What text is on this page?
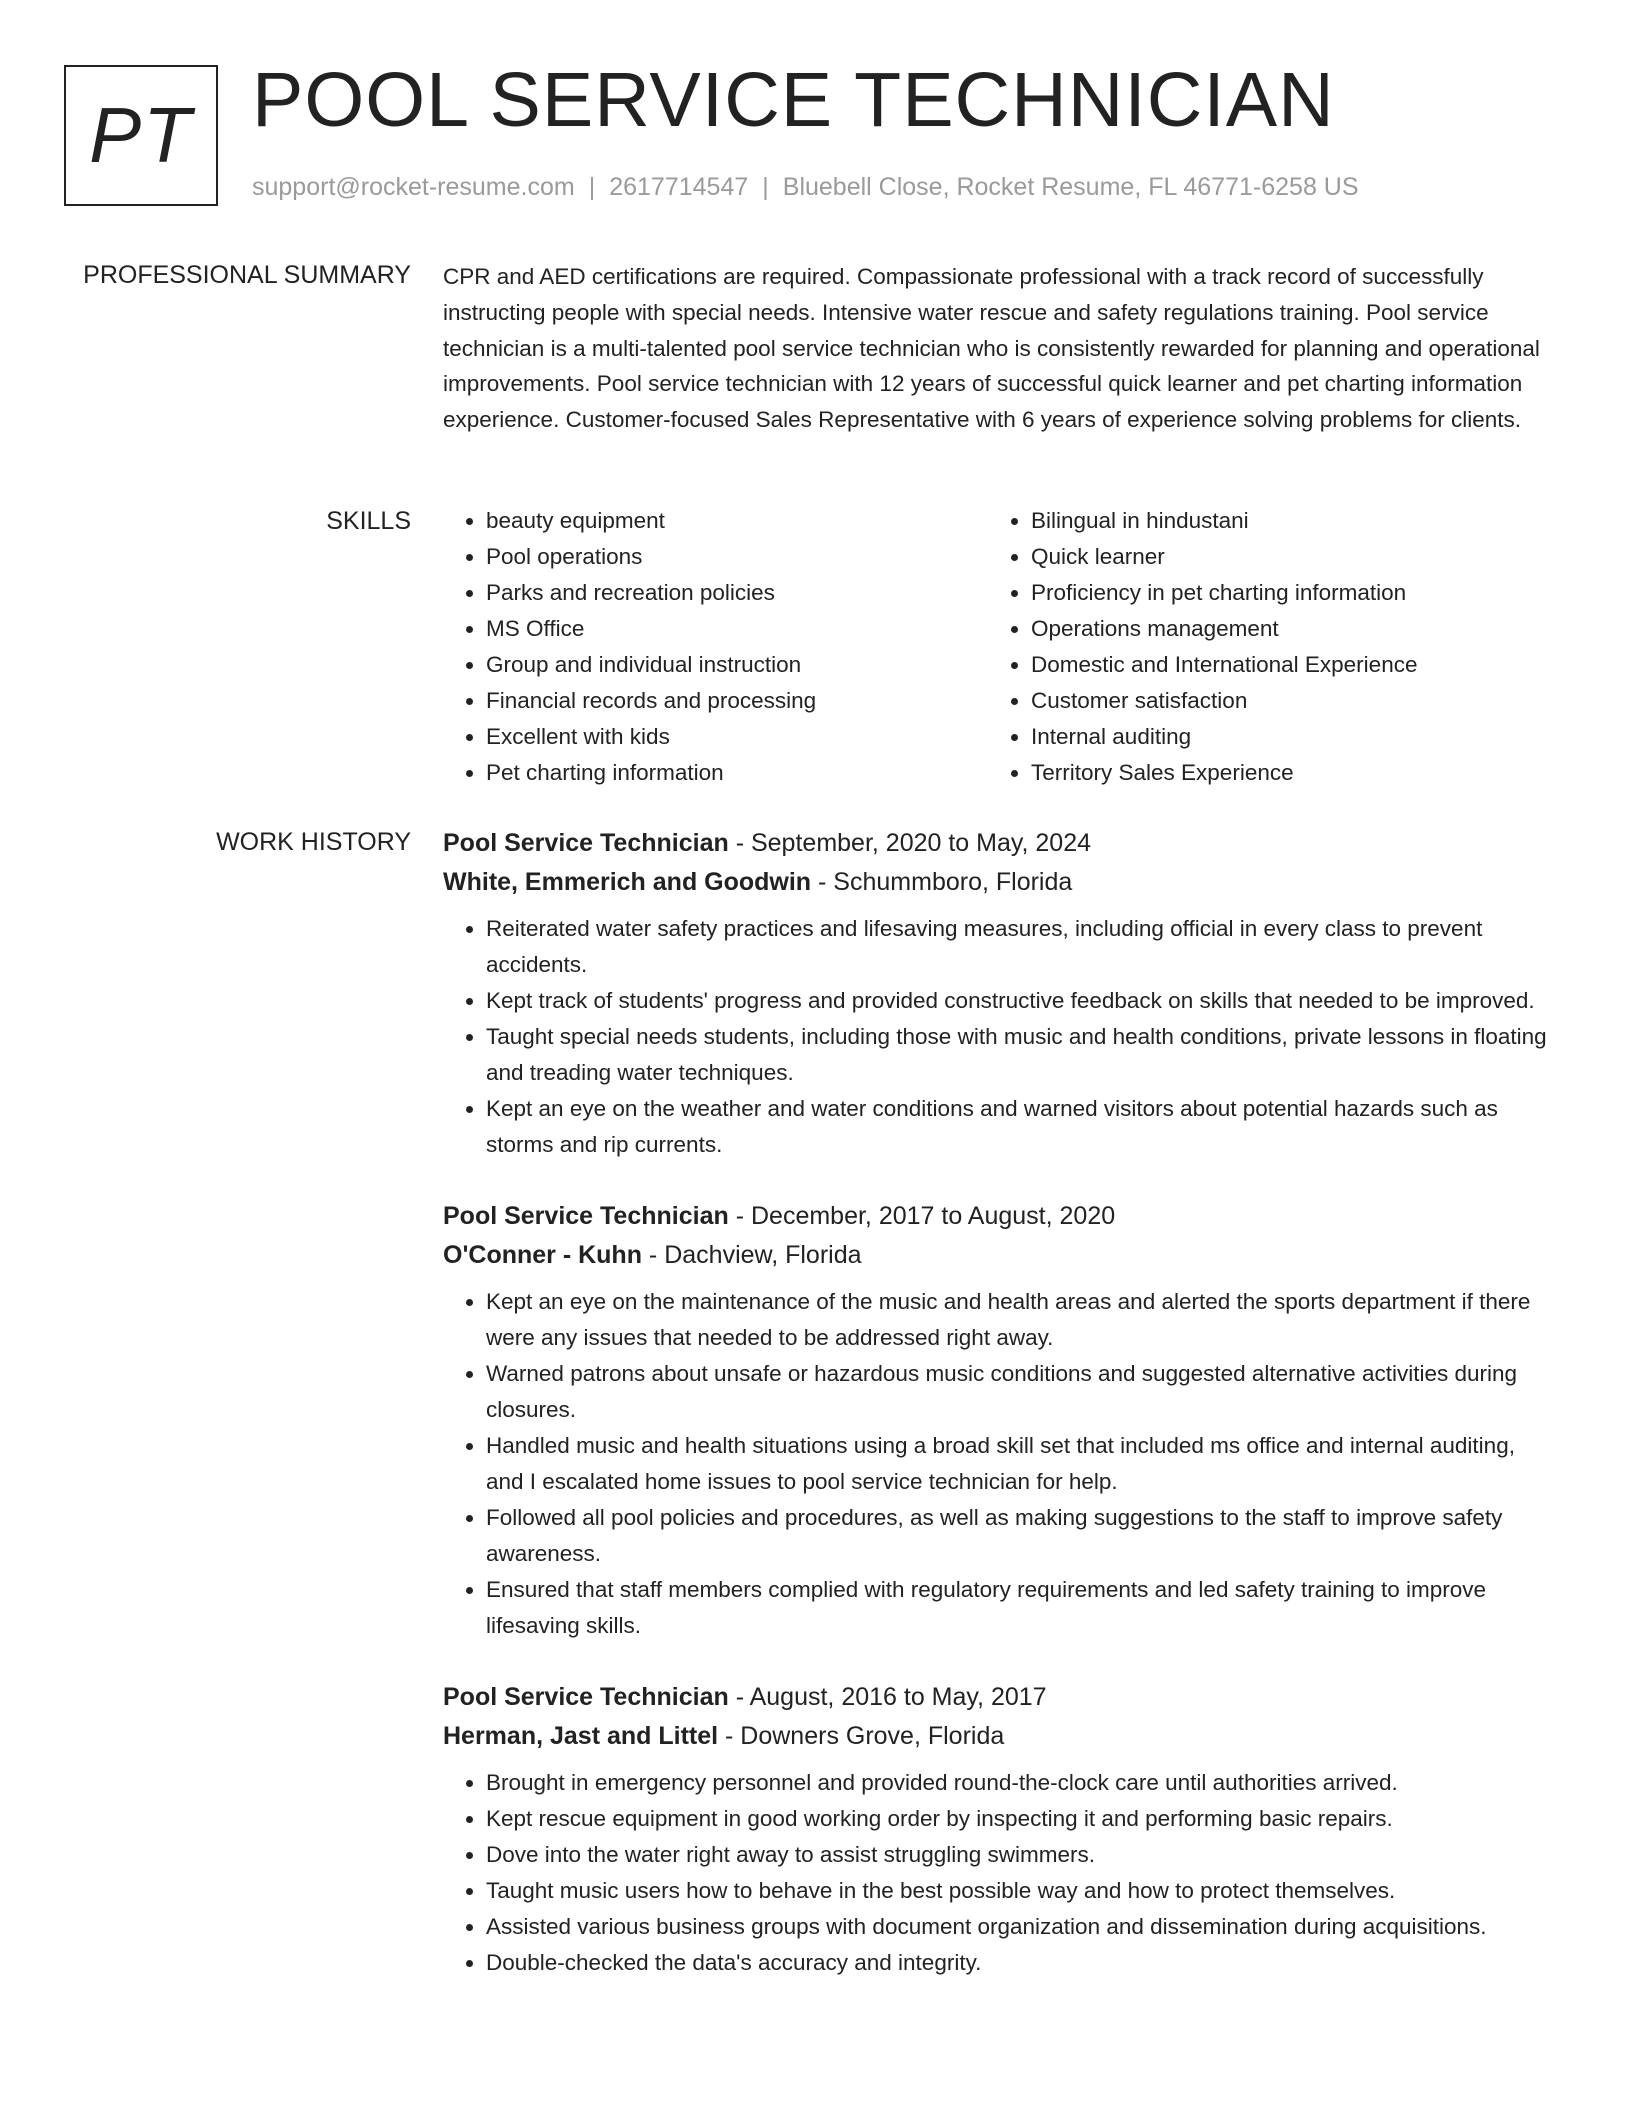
PT POOL SERVICE TECHNICIAN
support@rocket-resume.com | 2617714547 | Bluebell Close, Rocket Resume, FL 46771-6258 US
PROFESSIONAL SUMMARY CPR and AED certifications are required. Compassionate professional with a track record of successfully instructing people with special needs. Intensive water rescue and safety regulations training. Pool service technician is a multi-talented pool service technician who is consistently rewarded for planning and operational improvements. Pool service technician with 12 years of successful quick learner and pet charting information experience. Customer-focused Sales Representative with 6 years of experience solving problems for clients.

SKILLS
•	beauty equipment
• Pool operations
• Parks and recreation policies
• MS Office
• Group and individual instruction
• Financial records and processing
• Excellent with kids
• Pet charting information
• Bilingual in hindustani
• Quick learner
• Proficiency in pet charting information
• Operations management
• Domestic and International Experience
• Customer satisfaction
• Internal auditing
• Territory Sales Experience
WORK HISTORY Pool Service Technician - September, 2020 to May, 2024
White, Emmerich and Goodwin - Schummboro, Florida
• Reiterated water safety practices and lifesaving measures, including official in every class to prevent accidents.
• Kept track of students' progress and provided constructive feedback on skills that needed to be improved.
• Taught special needs students, including those with music and health conditions, private lessons in floating and treading water techniques.
• Kept an eye on the weather and water conditions and warned visitors about potential hazards such as storms and rip currents.
Pool Service Technician - December, 2017 to August, 2020
O'Conner - Kuhn - Dachview, Florida
• Kept an eye on the maintenance of the music and health areas and alerted the sports department if there were any issues that needed to be addressed right away.
• Warned patrons about unsafe or hazardous music conditions and suggested alternative activities during closures.
• Handled music and health situations using a broad skill set that included ms office and internal auditing, and I escalated home issues to pool service technician for help.
• Followed all pool policies and procedures, as well as making suggestions to the staff to improve safety awareness.
• Ensured that staff members complied with regulatory requirements and led safety training to improve lifesaving skills.
Pool Service Technician - August, 2016 to May, 2017
Herman, Jast and Littel - Downers Grove, Florida
• Brought in emergency personnel and provided round-the-clock care until authorities arrived.
• Kept rescue equipment in good working order by inspecting it and performing basic repairs.
• Dove into the water right away to assist struggling swimmers.
• Taught music users how to behave in the best possible way and how to protect themselves.
• Assisted various business groups with document organization and dissemination during acquisitions.
• Double-checked the data's accuracy and integrity.
